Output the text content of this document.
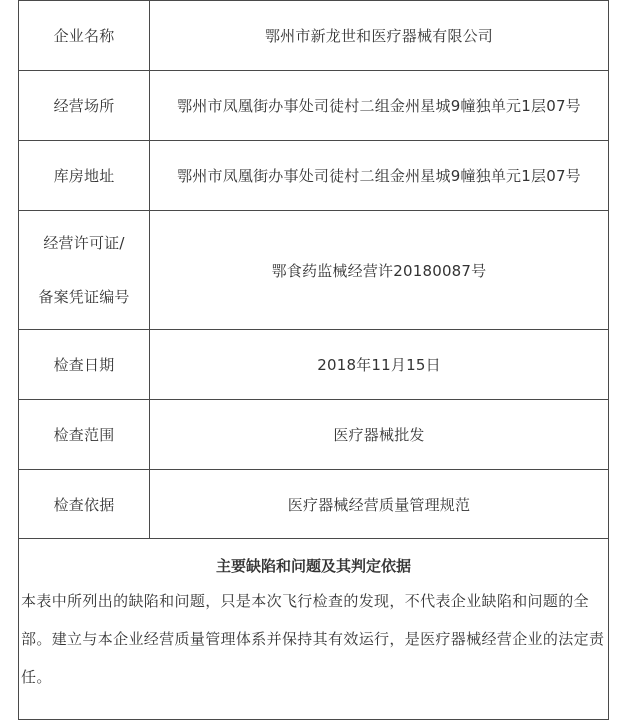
企业名称	鄂州市新龙世和医疗器械有限公司
经营场所	鄂州市凤凰街办事处司徒村二组金州星城9幢独单元1层07号
库房地址	鄂州市凤凰街办事处司徒村二组金州星城9幢独单元1层07号
经营许可证/ 备案凭证编号	鄂食药监械经营许20180087号
检查日期	2018年11月15日
检查范围	医疗器械批发
检查依据	医疗器械经营质量管理规范

主要缺陷和问题及其判定依据
本表中所列出的缺陷和问题，只是本次飞行检查的发现，不代表企业缺陷和问题的全部。建立与本企业经营质量管理体系并保持其有效运行，是医疗器械经营企业的法定责任。	
